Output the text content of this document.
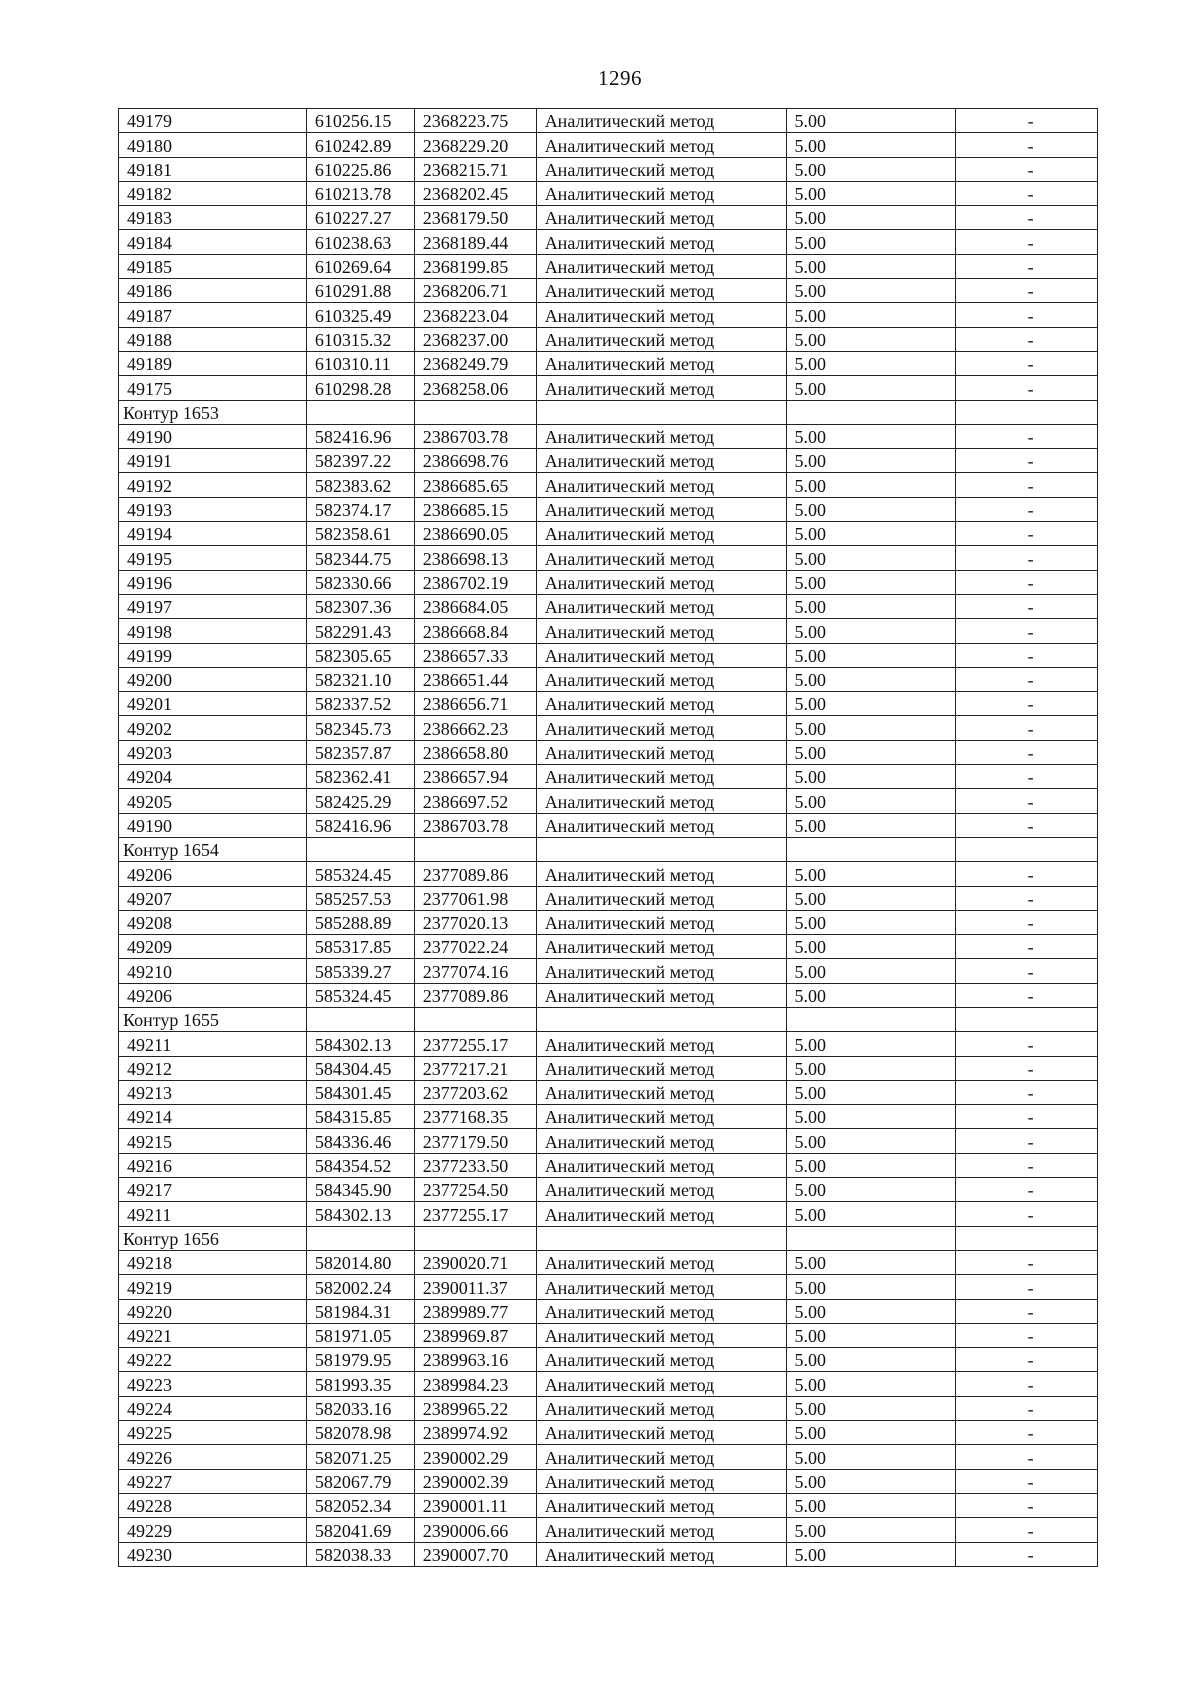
1296
49179	610256.15	2368223.75	Аналитический метод	5.00	-
49180	610242.89	2368229.20	Аналитический метод	5.00	-
49181	610225.86	2368215.71	Аналитический метод	5.00	-
49182	610213.78	2368202.45	Аналитический метод	5.00	-
49183	610227.27	2368179.50	Аналитический метод	5.00	-
49184	610238.63	2368189.44	Аналитический метод	5.00	-
49185	610269.64	2368199.85	Аналитический метод	5.00	-
49186	610291.88	2368206.71	Аналитический метод	5.00	-
49187	610325.49	2368223.04	Аналитический метод	5.00	-
49188	610315.32	2368237.00	Аналитический метод	5.00	-
49189	610310.11	2368249.79	Аналитический метод	5.00	-
49175	610298.28	2368258.06	Аналитический метод	5.00	-
Контур 1653					
49190	582416.96	2386703.78	Аналитический метод	5.00	-
49191	582397.22	2386698.76	Аналитический метод	5.00	-
49192	582383.62	2386685.65	Аналитический метод	5.00	-
49193	582374.17	2386685.15	Аналитический метод	5.00	-
49194	582358.61	2386690.05	Аналитический метод	5.00	-
49195	582344.75	2386698.13	Аналитический метод	5.00	-
49196	582330.66	2386702.19	Аналитический метод	5.00	-
49197	582307.36	2386684.05	Аналитический метод	5.00	-
49198	582291.43	2386668.84	Аналитический метод	5.00	-
49199	582305.65	2386657.33	Аналитический метод	5.00	-
49200	582321.10	2386651.44	Аналитический метод	5.00	-
49201	582337.52	2386656.71	Аналитический метод	5.00	-
49202	582345.73	2386662.23	Аналитический метод	5.00	-
49203	582357.87	2386658.80	Аналитический метод	5.00	-
49204	582362.41	2386657.94	Аналитический метод	5.00	-
49205	582425.29	2386697.52	Аналитический метод	5.00	-
49190	582416.96	2386703.78	Аналитический метод	5.00	-
Контур 1654					
49206	585324.45	2377089.86	Аналитический метод	5.00	-
49207	585257.53	2377061.98	Аналитический метод	5.00	-
49208	585288.89	2377020.13	Аналитический метод	5.00	-
49209	585317.85	2377022.24	Аналитический метод	5.00	-
49210	585339.27	2377074.16	Аналитический метод	5.00	-
49206	585324.45	2377089.86	Аналитический метод	5.00	-
Контур 1655					
49211	584302.13	2377255.17	Аналитический метод	5.00	-
49212	584304.45	2377217.21	Аналитический метод	5.00	-
49213	584301.45	2377203.62	Аналитический метод	5.00	-
49214	584315.85	2377168.35	Аналитический метод	5.00	-
49215	584336.46	2377179.50	Аналитический метод	5.00	-
49216	584354.52	2377233.50	Аналитический метод	5.00	-
49217	584345.90	2377254.50	Аналитический метод	5.00	-
49211	584302.13	2377255.17	Аналитический метод	5.00	-
Контур 1656					
49218	582014.80	2390020.71	Аналитический метод	5.00	-
49219	582002.24	2390011.37	Аналитический метод	5.00	-
49220	581984.31	2389989.77	Аналитический метод	5.00	-
49221	581971.05	2389969.87	Аналитический метод	5.00	-
49222	581979.95	2389963.16	Аналитический метод	5.00	-
49223	581993.35	2389984.23	Аналитический метод	5.00	-
49224	582033.16	2389965.22	Аналитический метод	5.00	-
49225	582078.98	2389974.92	Аналитический метод	5.00	-
49226	582071.25	2390002.29	Аналитический метод	5.00	-
49227	582067.79	2390002.39	Аналитический метод	5.00	-
49228	582052.34	2390001.11	Аналитический метод	5.00	-
49229	582041.69	2390006.66	Аналитический метод	5.00	-
49230	582038.33	2390007.70	Аналитический метод	5.00	-
